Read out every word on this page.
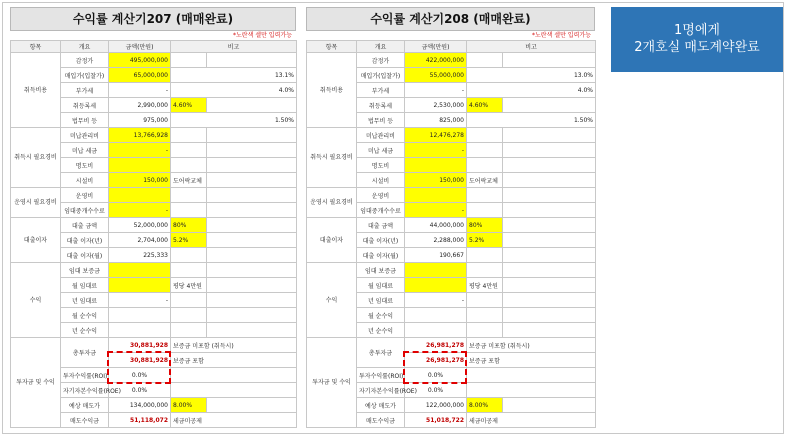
수익률 계산기207 (매매완료)
*노란색 셀만 입력가능
항목	개요	금액(만원)	비고	
취득비용	감정가	495,000,000		
	매입가(입찰가)	65,000,000	13.1%	
	부가세	-	4.0%	
	취등록세	2,990,000	4.60%	
	법무비 등	975,000	1.50%	
취득시 필요경비	미납관리비	13,766,928		
	미납 세금	-		
	명도비			
	시설비	150,000	도어락교체	
운영시 필요경비	운영비			
	임대중개수수료	-		
대출이자	대출 금액	52,000,000	80%	
	대출 이자(년)	2,704,000	5.2%	
	대출 이자(월)	225,333		
수익	임대 보증금			
	월 임대료		평당 4만원	
	년 임대료	-		
	월 순수익			
	년 순수익			
투자금 및 수익	총투자금	30,881,928	보증금 미포함 (취득시)	
		30,881,928	보증금 포함	
	투자수익률(ROI)	0.0%		
	자기자본수익률(ROE)	0.0%		
	예상 매도가	134,000,000	8.00%	
	매도수익금	51,118,072	세금미공제	
수익률 계산기208 (매매완료)
*노란색 셀만 입력가능
항목	개요	금액(만원)	비고	
취득비용	감정가	422,000,000		
	매입가(입찰가)	55,000,000	13.0%	
	부가세	-	4.0%	
	취등록세	2,530,000	4.60%	
	법무비 등	825,000	1.50%	
취득시 필요경비	미납관리비	12,476,278		
	미납 세금	-		
	명도비			
	시설비	150,000	도어락교체	
운영시 필요경비	운영비			
	임대중개수수료	-		
대출이자	대출 금액	44,000,000	80%	
	대출 이자(년)	2,288,000	5.2%	
	대출 이자(월)	190,667		
수익	임대 보증금			
	월 임대료		평당 4만원	
	년 임대료	-		
	월 순수익			
	년 순수익			
투자금 및 수익	총투자금	26,981,278	보증금 미포함 (취득시)	
		26,981,278	보증금 포함	
	투자수익률(ROI)	0.0%		
	자기자본수익률(ROE)	0.0%		
	예상 매도가	122,000,000	8.00%	
	매도수익금	51,018,722	세금미공제	
1명에게
2개호실 매도계약완료
